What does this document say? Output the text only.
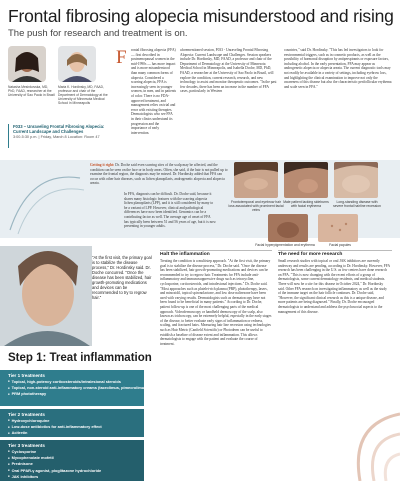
Frontal fibrosing alopecia misunderstood and rising
The push for research and treatment is on.
Natasha Mesinkovska, MD, PhD, FAAD, researcher at the University of Sao Paolo in Brazil
Maria K. Hordinsky, MD, FAAD, professor and chair of the Department of Dermatology at the University of Minnesota Medical School in Minneapolis
F033 – Unraveling Frontal Fibrosing Alopecia: Current Landscape and Challenges
3:00-5:30 p.m. | Friday, March 8 Location: Room 47
F rontal fibrosing alopecia (FFA) — first described in postmenopausal women in the mid-1990s — has more impact and is more misunderstood than many common forms of alopecia. Considered a scarring alopecia, FFA is increasingly seen in younger women, in men, and in patients of color. There is no FDA-approved treatment, and management relies on trial and error with existing therapies. Dermatologists who see FFA in their clinics understand its progression and the importance of early intervention.

aforementioned session, F033 - Unraveling Frontal Fibrosing Alopecia: Current Landscape and Challenges. Session speakers include Dr. Hordinsky, MD, FAAD, a professor and chair of the Department of Dermatology at the University of Minnesota Medical School in Minneapolis, and Isabella Doche, MD, PhD, FAAD, a researcher at the University of Sao Paolo in Brazil, will explore the condition, current research, research, and new technology to assist and monitor therapeutic outcomes. "In the past few decades, there has been an increase in the number of FFA cases, particularly in Western

countries," said Dr. Hordinsky. "This has led investigators to look for environmental triggers, such as in cosmetic products, as well as the possibility of hormonal disruption by antiperspirants or exposure factors, including alcohol. In the early presentation, FFA may appear as androgenetic alopecia or alopecia areata. The current diagnostic tools may not readily be available in a variety of settings, including eyebrow loss, and highlighting the clinical examination to improve not only the awareness of this disease but also the characteristic perifollicular erythema and scale seen in FFA."

Getting it right: Dr. Doche said even scarring sites of the scalp may be affected, and the condition can be seen on the face or in body areas. Often, she said, if the hair is not pulled up to examine the frontal region, the diagnosis may be missed. Dr. Hordinsky added that FFA can occur with other hair diseases, such as lichen planopilaris, androgenetic alopecia and alopecia areata.
In FFA, diagnosis can be difficult. Dr. Doche said, because it shares many histologic features with the scarring alopecia lichen planopilaris (LPP), and it is still considered by many to be a variant of LPP. However, clinical and pathological differences have now been identified. Genomics can be a contributing factor as well. The average age of onset of FFA has typically been between 51 and 56 years of age, but it is now presenting in younger adults.
Frontotemporal and eyebrow hair loss associated with prominent facial veins
Male patient lacking sideburns with facial erythema
Long-standing disease with severe frontal hairline recession
Facial hyperpigmentation and erythema	Facial papules
"At the first visit, the primary goal is to stabilize the disease process," Dr. Hordinsky said. Dr. Doche concurred. "Once the disease has been stabilized, hair growth-promoting medications and devices can be recommended to try to regrow hair."
Halt the inflammation

Treating the condition is a multistep approach. "At the first visit, the primary goal is to stabilize the disease process," Dr. Doche said. "Once the disease has been stabilized, hair growth-promoting medications and devices can be recommended to try to regrow hair. Treatments for FFA include anti-inflammatory and immunosuppressive drugs such as tetracycline, cyclosporine, corticosteroids, and intralesional injections." Dr. Doche said. "Most approaches such as platelet-rich plasma (PRP), phototherapy, lasers, and minoxidil, topical spironolactone, and low dose naltrexone have been used with varying results. Dermatologists such as dermatoscopy have not been found to be beneficial in many patients." According to Dr. Doche, patient follow-up is one of the most challenging parts of the medical approach. Videodermoscopy or handheld dermoscopy of the scalp, also known as trichoscopy, can be extremely helpful, especially in the early stages of the disease, to better evaluate early signs of inflammation or redness, scaling, and fractured hairs. Measuring hair line recession using technologies such as Hair Metric (Canfield Scientific) or Photoderm can be useful to establish a baseline of disease extent and inflammation. This allows dermatologists to engage with the patient and evaluate the course of treatment.

The need for more research

Small research studies with topical or oral JAK inhibitors are currently underway and results are pending, according to Dr. Hordinsky. However, FFA research has been challenging in the U.S. as few centers have done research on FFA. "This is now changing with the recent efforts of a group of dermatologists, some current dermatology residents, and medical students. There will now be a site for this disease in October 2024," Dr. Hordinsky said. Other FFA research on investigating inflammatory as well as the study of the immune target on the hair follicle continues. Dr. Doche said, "However, the significant clinical research as this is a unique disease, and more patients are being diagnosed." Finally, Dr. Doche encouraged dermatologists to understand and address the psychosocial aspects to the management of this disease.

Step 1: Treat inflammation
Tier 1 treatments
■ Topical, high-potency corticosteroids/intralesional steroids
■ Topical, non-steroid anti-inflammatory creams (tacrolimus, pimecrolimus, JAK inhibitors)
■ PRM phototherapy
Tier 2 treatments
■ Hydroxychloroquine
■ Low-dose antibiotics for anti-inflammatory effect
■ Acitretin
Tier 3 treatments
■ Cyclosporine
■ Mycophenolate mofetil
■ Prednisone
■ Oral PPAR-γ agonist, pioglitazone hydrochloride
■ JAK inhibitors
